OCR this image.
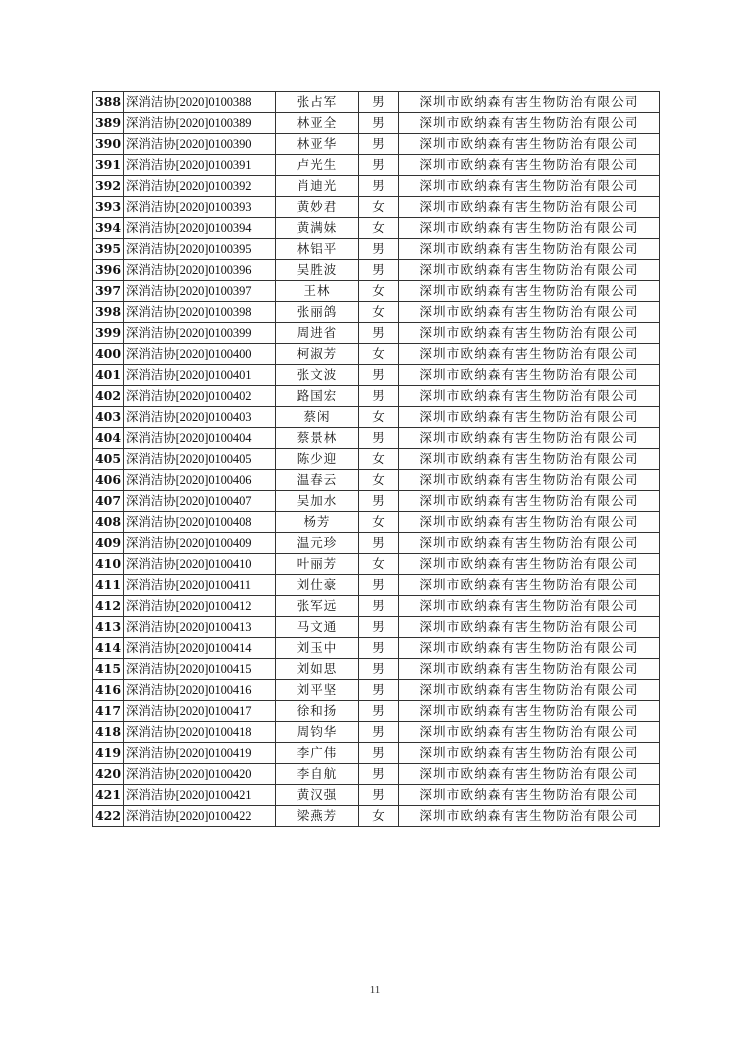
388	深消洁协[2020]0100388	张占军	男	深圳市欧纳森有害生物防治有限公司
389	深消洁协[2020]0100389	林亚全	男	深圳市欧纳森有害生物防治有限公司
390	深消洁协[2020]0100390	林亚华	男	深圳市欧纳森有害生物防治有限公司
391	深消洁协[2020]0100391	卢光生	男	深圳市欧纳森有害生物防治有限公司
392	深消洁协[2020]0100392	肖迪光	男	深圳市欧纳森有害生物防治有限公司
393	深消洁协[2020]0100393	黄妙君	女	深圳市欧纳森有害生物防治有限公司
394	深消洁协[2020]0100394	黄满妹	女	深圳市欧纳森有害生物防治有限公司
395	深消洁协[2020]0100395	林铝平	男	深圳市欧纳森有害生物防治有限公司
396	深消洁协[2020]0100396	吴胜波	男	深圳市欧纳森有害生物防治有限公司
397	深消洁协[2020]0100397	王林	女	深圳市欧纳森有害生物防治有限公司
398	深消洁协[2020]0100398	张丽鸽	女	深圳市欧纳森有害生物防治有限公司
399	深消洁协[2020]0100399	周进省	男	深圳市欧纳森有害生物防治有限公司
400	深消洁协[2020]0100400	柯淑芳	女	深圳市欧纳森有害生物防治有限公司
401	深消洁协[2020]0100401	张文波	男	深圳市欧纳森有害生物防治有限公司
402	深消洁协[2020]0100402	路国宏	男	深圳市欧纳森有害生物防治有限公司
403	深消洁协[2020]0100403	蔡闲	女	深圳市欧纳森有害生物防治有限公司
404	深消洁协[2020]0100404	蔡景林	男	深圳市欧纳森有害生物防治有限公司
405	深消洁协[2020]0100405	陈少迎	女	深圳市欧纳森有害生物防治有限公司
406	深消洁协[2020]0100406	温春云	女	深圳市欧纳森有害生物防治有限公司
407	深消洁协[2020]0100407	吴加水	男	深圳市欧纳森有害生物防治有限公司
408	深消洁协[2020]0100408	杨芳	女	深圳市欧纳森有害生物防治有限公司
409	深消洁协[2020]0100409	温元珍	男	深圳市欧纳森有害生物防治有限公司
410	深消洁协[2020]0100410	叶丽芳	女	深圳市欧纳森有害生物防治有限公司
411	深消洁协[2020]0100411	刘仕豪	男	深圳市欧纳森有害生物防治有限公司
412	深消洁协[2020]0100412	张军远	男	深圳市欧纳森有害生物防治有限公司
413	深消洁协[2020]0100413	马文通	男	深圳市欧纳森有害生物防治有限公司
414	深消洁协[2020]0100414	刘玉中	男	深圳市欧纳森有害生物防治有限公司
415	深消洁协[2020]0100415	刘如思	男	深圳市欧纳森有害生物防治有限公司
416	深消洁协[2020]0100416	刘平坚	男	深圳市欧纳森有害生物防治有限公司
417	深消洁协[2020]0100417	徐和扬	男	深圳市欧纳森有害生物防治有限公司
418	深消洁协[2020]0100418	周钧华	男	深圳市欧纳森有害生物防治有限公司
419	深消洁协[2020]0100419	李广伟	男	深圳市欧纳森有害生物防治有限公司
420	深消洁协[2020]0100420	李自航	男	深圳市欧纳森有害生物防治有限公司
421	深消洁协[2020]0100421	黄汉强	男	深圳市欧纳森有害生物防治有限公司
422	深消洁协[2020]0100422	梁燕芳	女	深圳市欧纳森有害生物防治有限公司
11
